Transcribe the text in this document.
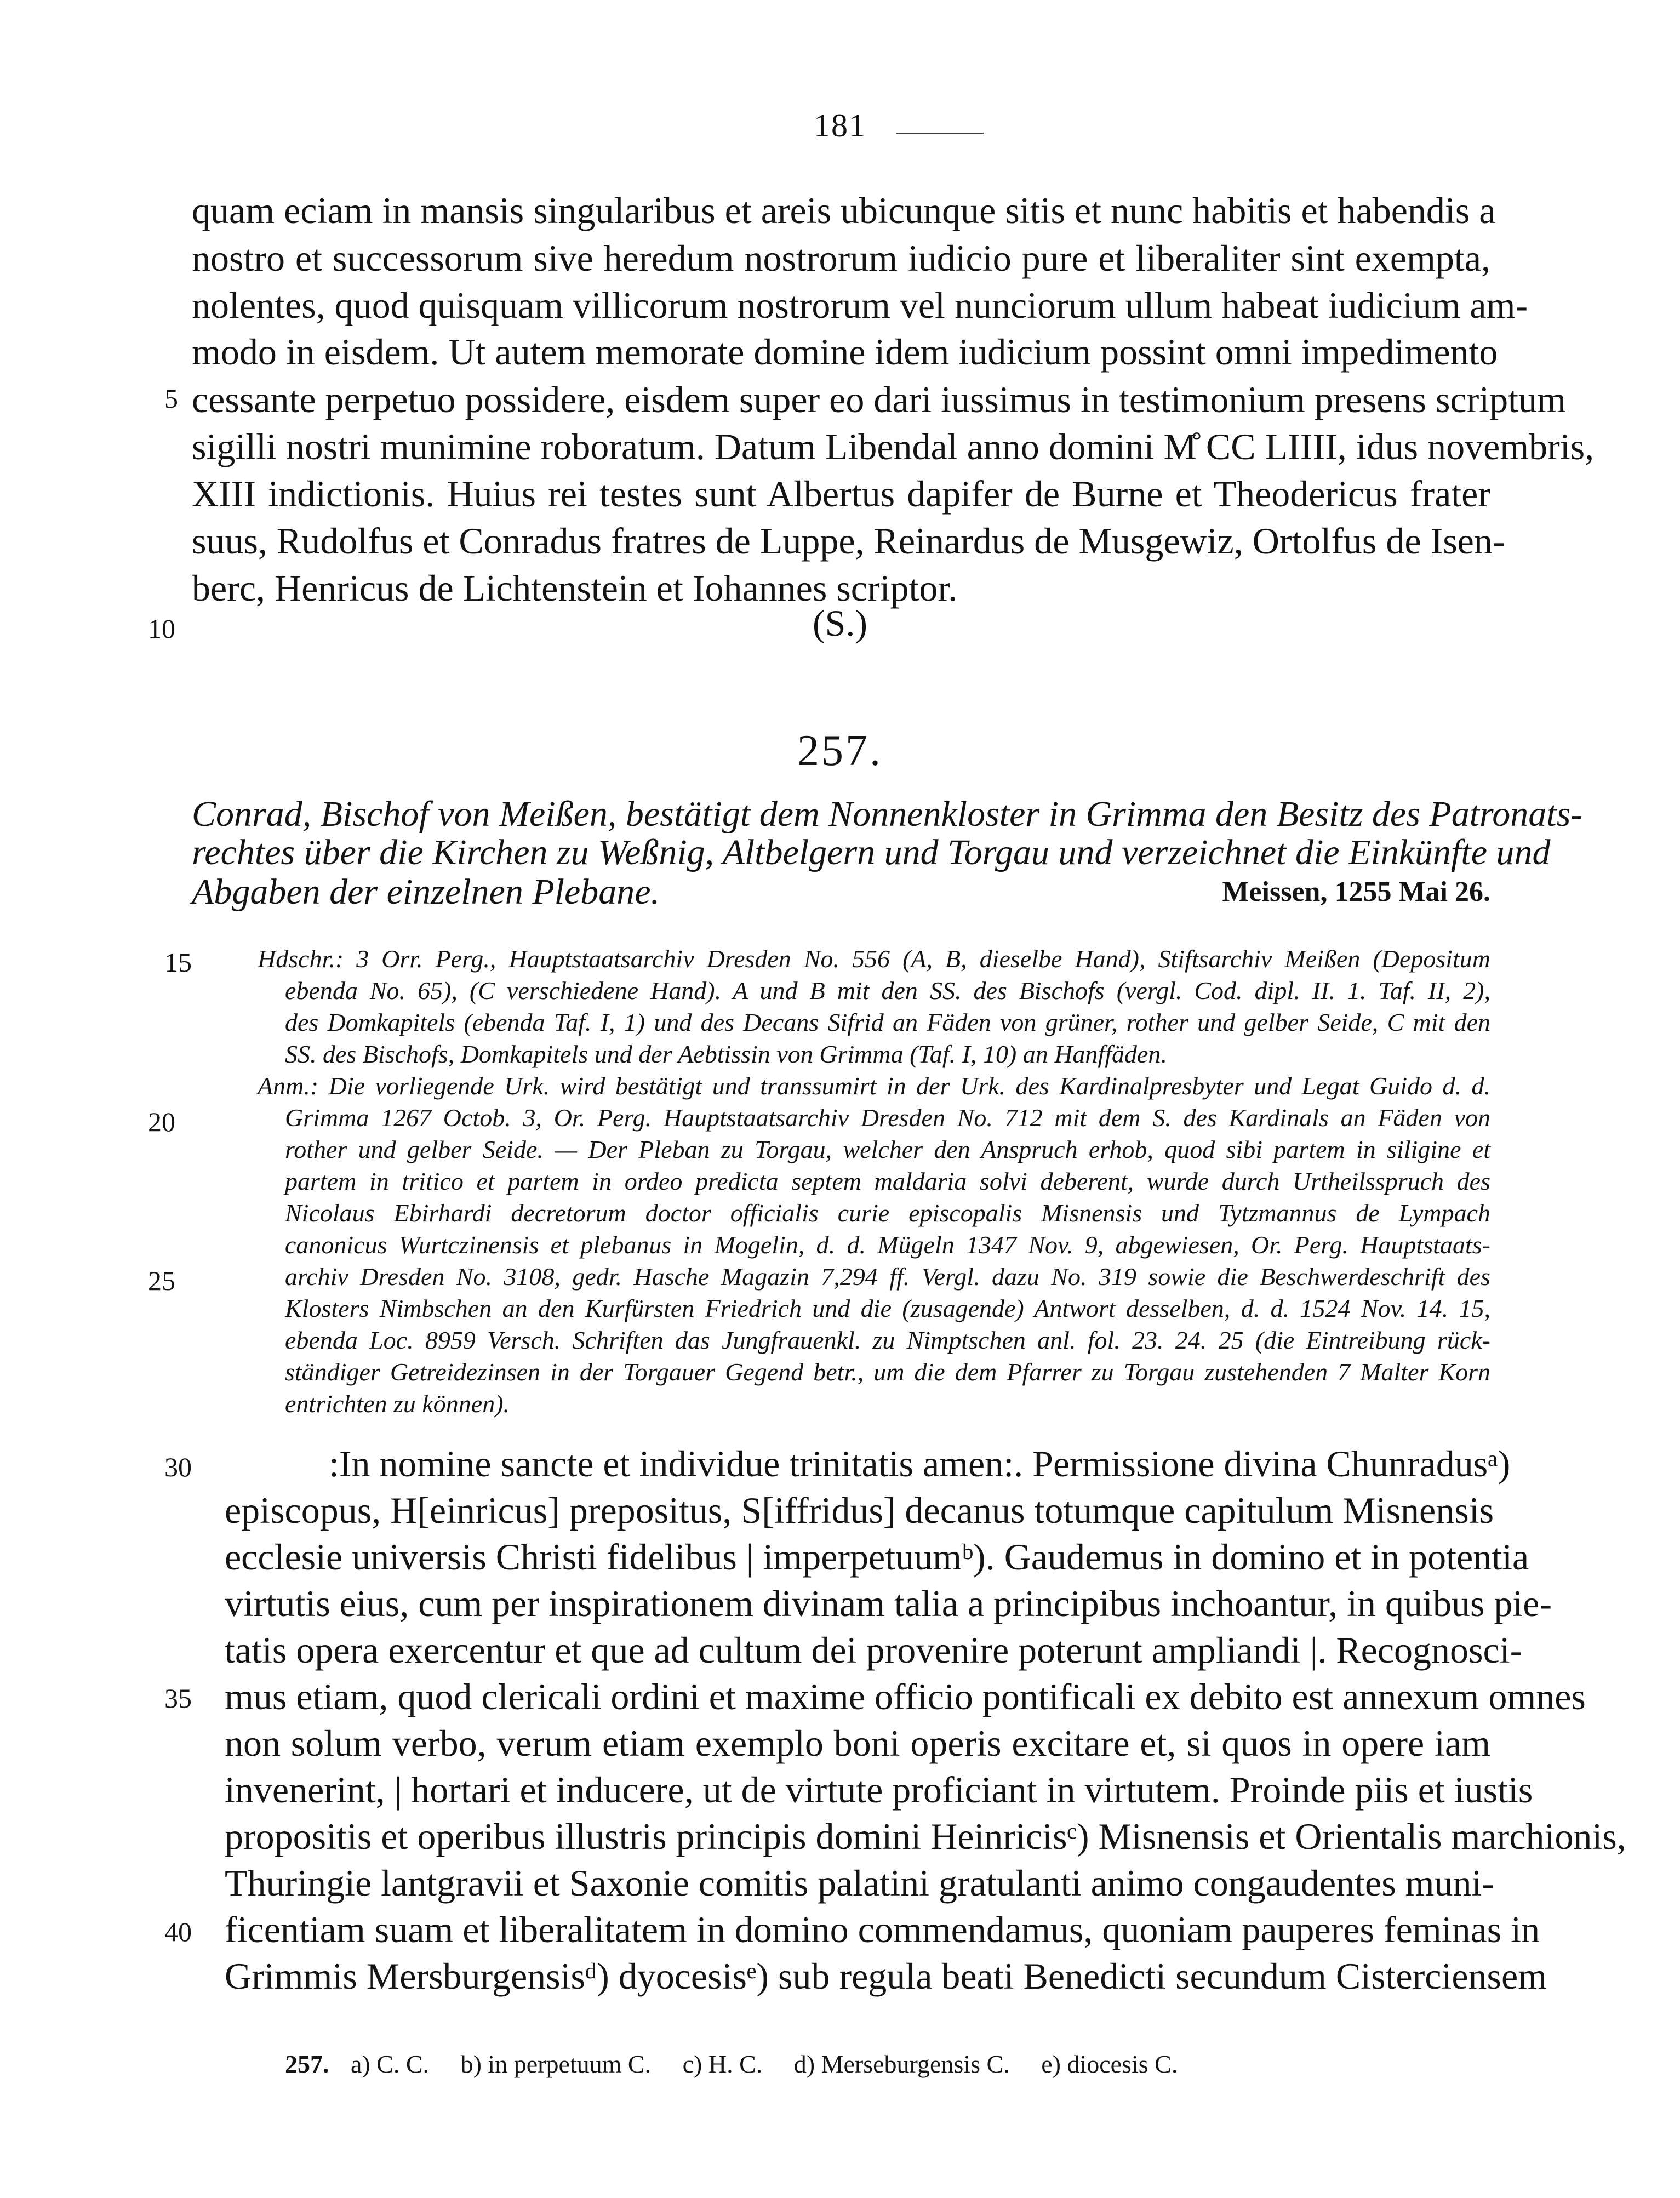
181
quam eciam in mansis singularibus et areis ubicunque sitis et nunc habitis et habendis a
nostro et successorum sive heredum nostrorum iudicio pure et liberaliter sint exempta,
nolentes, quod quisquam villicorum nostrorum vel nunciorum ullum habeat iudicium am-
modo in eisdem. Ut autem memorate domine idem iudicium possint omni impedimento
5 cessante perpetuo possidere, eisdem super eo dari iussimus in testimonium presens scriptum
sigilli nostri munimine roboratum. Datum Libendal anno domini M̊ CC LIIII, idus novembris,
XIII indictionis. Huius rei testes sunt Albertus dapifer de Burne et Theodericus frater
suus, Rudolfus et Conradus fratres de Luppe, Reinardus de Musgewiz, Ortolfus de Isen-
berc, Henricus de Lichtenstein et Iohannes scriptor.
10	(S.)
257.
Conrad, Bischof von Meißen, bestätigt dem Nonnenkloster in Grimma den Besitz des Patronats-
rechtes über die Kirchen zu Weßnig, Altbelgern und Torgau und verzeichnet die Einkünfte und
Abgaben der einzelnen Plebane.	Meissen, 1255 Mai 26.
15	Hdschr.: 3 Orr. Perg., Hauptstaatsarchiv Dresden No. 556 (A, B, dieselbe Hand), Stiftsarchiv Meißen (Depositum
ebenda No. 65), (C verschiedene Hand). A und B mit den SS. des Bischofs (vergl. Cod. dipl. II. 1. Taf. II, 2),
des Domkapitels (ebenda Taf. I, 1) und des Decans Sifrid an Fäden von grüner, rother und gelber Seide, C mit den
SS. des Bischofs, Domkapitels und der Aebtissin von Grimma (Taf. I, 10) an Hanffäden.
Anm.: Die vorliegende Urk. wird bestätigt und transsumirt in der Urk. des Kardinalpresbyter und Legat Guido d. d.
20	Grimma 1267 Octob. 3, Or. Perg. Hauptstaatsarchiv Dresden No. 712 mit dem S. des Kardinals an Fäden von
rother und gelber Seide. — Der Pleban zu Torgau, welcher den Anspruch erhob, quod sibi partem in siligine et
partem in tritico et partem in ordeo predicta septem maldaria solvi deberent, wurde durch Urtheilsspruch des
Nicolaus Ebirhardi decretorum doctor officialis curie episcopalis Misnensis und Tytzmannus de Lympach
canonicus Wurtczinensis et plebanus in Mogelin, d. d. Mügeln 1347 Nov. 9, abgewiesen, Or. Perg. Hauptstaats-
25	archiv Dresden No. 3108, gedr. Hasche Magazin 7,294 ff. Vergl. dazu No. 319 sowie die Beschwerdeschrift des
Klosters Nimbschen an den Kurfürsten Friedrich und die (zusagende) Antwort desselben, d. d. 1524 Nov. 14. 15,
ebenda Loc. 8959 Versch. Schriften das Jungfrauenkl. zu Nimptschen anl. fol. 23. 24. 25 (die Eintreibung rück-
ständiger Getreidezinsen in der Torgauer Gegend betr., um die dem Pfarrer zu Torgau zustehenden 7 Malter Korn
entrichten zu können).
30	:In nomine sancte et individue trinitatis amen:. Permissione divina Chunradusᵃ)
episcopus, H[einricus] prepositus, S[iffridus] decanus totumque capitulum Misnensis
ecclesie universis Christi fidelibus | imperpetuumᵇ). Gaudemus in domino et in potentia
virtutis eius, cum per inspirationem divinam talia a principibus inchoantur, in quibus pie-
tatis opera exercentur et que ad cultum dei provenire poterunt ampliandi |. Recognosci-
35 mus etiam, quod clericali ordini et maxime officio pontificali ex debito est annexum omnes
non solum verbo, verum etiam exemplo boni operis excitare et, si quos in opere iam
invenerint, | hortari et inducere, ut de virtute proficiant in virtutem. Proinde piis et iustis
propositis et operibus illustris principis domini Heinricisᶜ) Misnensis et Orientalis marchionis,
Thuringie lantgravii et Saxonie comitis palatini gratulanti animo congaudentes muni-
40 ficentiam suam et liberalitatem in domino commendamus, quoniam pauperes feminas in
Grimmis Mersburgensisᵈ) dyocesisᵉ) sub regula beati Benedicti secundum Cisterciensem
257. a) C. C. b) in perpetuum C. c) H. C. d) Merseburgensis C. e) diocesis C.
